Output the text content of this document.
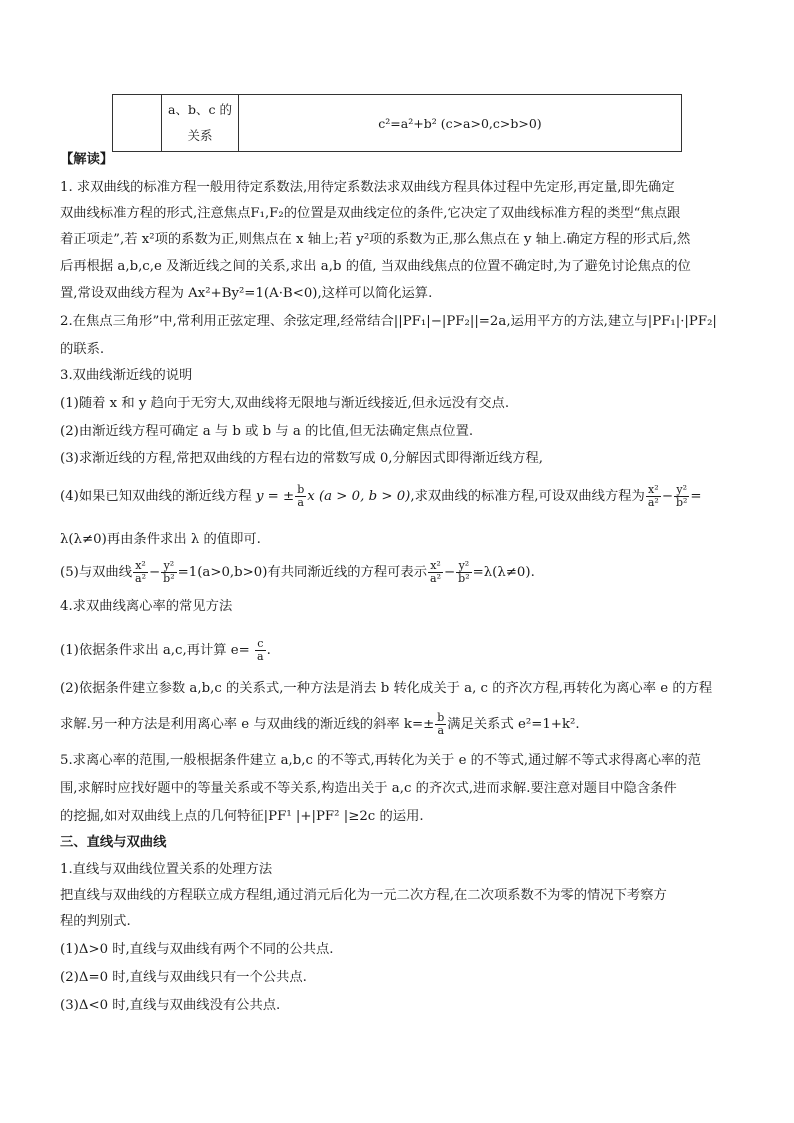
a、b、c 的
关系
	c²=a²+b² (c>a>0,c>b>0)
【解读】
1. 求双曲线的标准方程一般用待定系数法,用待定系数法求双曲线方程具体过程中先定形,再定量,即先确定
双曲线标准方程的形式,注意焦点F₁,F₂的位置是双曲线定位的条件,它决定了双曲线标准方程的类型“焦点跟
着正项走”,若 x²项的系数为正,则焦点在 x 轴上;若 y²项的系数为正,那么焦点在 y 轴上.确定方程的形式后,然
后再根据 a,b,c,e 及渐近线之间的关系,求出 a,b 的值, 当双曲线焦点的位置不确定时,为了避免讨论焦点的位
置,常设双曲线方程为 Ax²+By²=1(A·B<0),这样可以简化运算.
2.在焦点三角形”中,常利用正弦定理、余弦定理,经常结合||PF₁|−|PF₂||=2a,运用平方的方法,建立与|PF₁|·|PF₂|
的联系.
3.双曲线渐近线的说明
(1)随着 x 和 y 趋向于无穷大,双曲线将无限地与渐近线接近,但永远没有交点.
(2)由渐近线方程可确定 a 与 b 或 b 与 a 的比值,但无法确定焦点位置.
(3)求渐近线的方程,常把双曲线的方程右边的常数写成 0,分解因式即得渐近线方程,
(4)如果已知双曲线的渐近线方程 y = ± $\frac{b}{a}$ x (a > 0, b > 0),求双曲线的标准方程,可设双曲线方程为 $\frac{\text{x²}}{\text{a²}} - \frac{\text{y²}}{\text{b²}}$ =
λ(λ≠0)再由条件求出 λ 的值即可.
(5)与双曲线 $\frac{\text{x²}}{\text{a²}} - \frac{\text{y²}}{\text{b²}} =1(a>0,b>0)$有共同渐近线的方程可表示 $\frac{\text{x²}}{\text{a²}} - \frac{\text{y²}}{\text{b²}} =\lambda(\lambda\ne 0)$.
4.求双曲线离心率的常见方法
(1)依据条件求出 a,c,再计算 $e= \frac{c}{a}$ .
(2)依据条件建立参数 a,b,c 的关系式,一种方法是消去 b 转化成关于 a, c 的齐次方程,再转化为离心率 e 的方程
求解.另一种方法是利用离心率 e 与双曲线的渐近线的斜率 $k=\pm \frac{b}{a}$ 满足关系式 e²=1+k².
5.求离心率的范围,一般根据条件建立 a,b,c 的不等式,再转化为关于 e 的不等式,通过解不等式求得离心率的范
围,求解时应找好题中的等量关系或不等关系,构造出关于 a,c 的齐次式,进而求解.要注意对题目中隐含条件
的挖掘,如对双曲线上点的几何特征|PF¹ |+|PF² |≥2c 的运用.
三、直线与双曲线
1.直线与双曲线位置关系的处理方法
把直线与双曲线的方程联立成方程组,通过消元后化为一元二次方程,在二次项系数不为零的情况下考察方
程的判别式.
(1)Δ>0 时,直线与双曲线有两个不同的公共点.
(2)Δ=0 时,直线与双曲线只有一个公共点.
(3)Δ<0 时,直线与双曲线没有公共点.
